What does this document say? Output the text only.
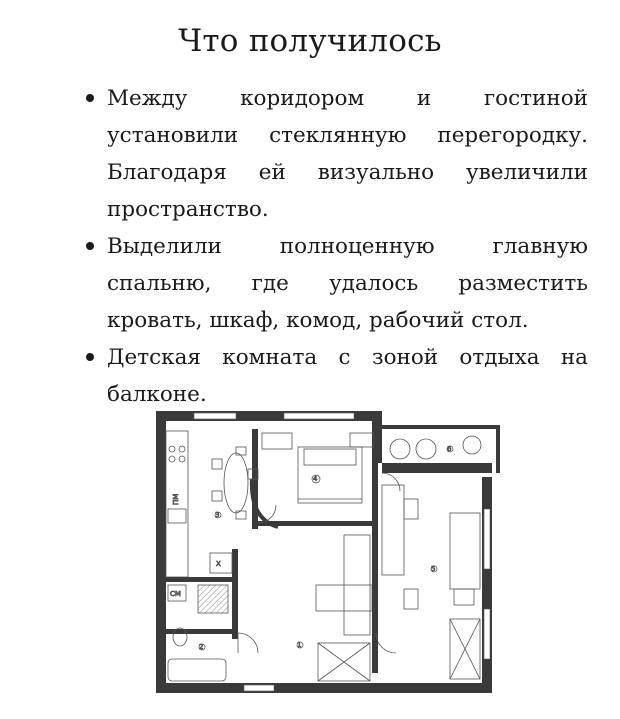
Что получилось
Между коридором и гостиной установили стеклянную перегородку. Благодаря ей визуально увеличили пространство.
Выделили полноценную главную спальню, где удалось разместить кровать, шкаф, комод, рабочий стол.
Детская комната с зоной отдыха на балконе.
ПМ
X
4
6
1
3
5
СМ
2
